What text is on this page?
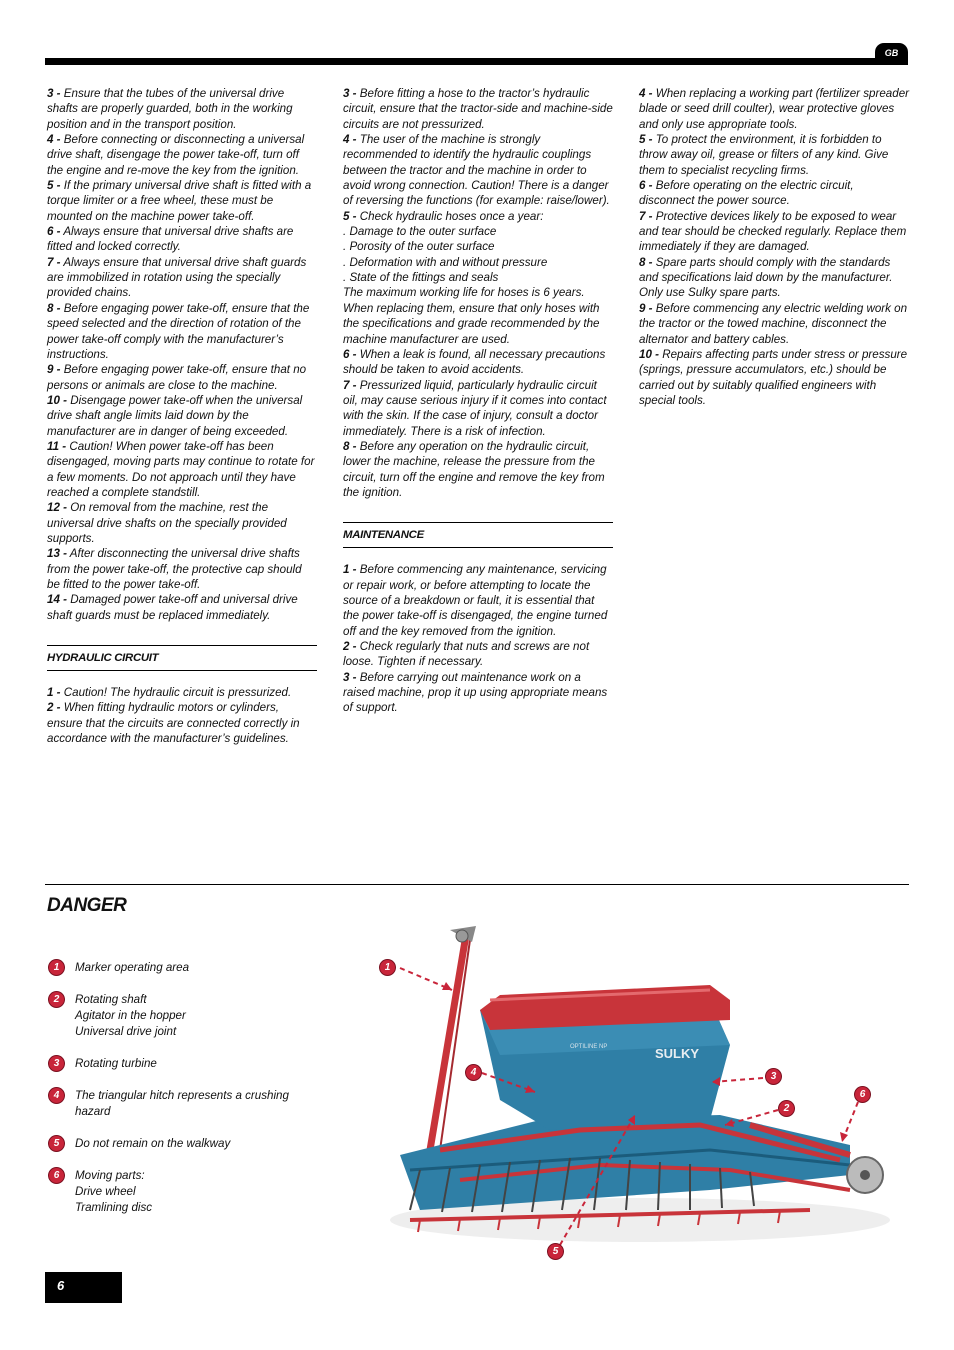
GB

3 - Ensure that the tubes of the universal drive shafts are properly guarded, both in the working position and in the transport position.

4 - Before connecting or disconnecting a universal drive shaft, disengage the power take-off, turn off the engine and re-move the key from the ignition.

5 - If the primary universal drive shaft is fitted with a torque limiter or a free wheel, these must be mounted on the machine power take-off.

6 - Always ensure that universal drive shafts are fitted and locked correctly.

7 - Always ensure that universal drive shaft guards are immobilized in rotation using the specially provided chains.

8 - Before engaging power take-off, ensure that the speed selected and the direction of rotation of the power take-off comply with the manufacturer’s instructions.

9 - Before engaging power take-off, ensure that no persons or animals are close to the machine.

10 - Disengage power take-off when the universal drive shaft angle limits laid down by the manufacturer are in danger of being exceeded.

11 - Caution! When power take-off has been disengaged, moving parts may continue to rotate for a few moments. Do not approach until they have reached a complete standstill.

12 - On removal from the machine, rest the universal drive shafts on the specially provided supports.

13 - After disconnecting the universal drive shafts from the power take-off, the protective cap should be fitted to the power take-off.

14 - Damaged power take-off and universal drive shaft guards must be replaced immediately.

HYDRAULIC CIRCUIT

1 - Caution! The hydraulic circuit is pressurized.

2 - When fitting hydraulic motors or cylinders, ensure that the circuits are connected correctly in accordance with the manufacturer’s guidelines.

3 - Before fitting a hose to the tractor’s hydraulic circuit, ensure that the tractor-side and machine-side circuits are not pressurized.

4 - The user of the machine is strongly recommended to identify the hydraulic couplings between the tractor and the machine in order to avoid wrong connection. Caution! There is a danger of reversing the functions (for example: raise/lower).

5 - Check hydraulic hoses once a year:

. Damage to the outer surface

. Porosity of the outer surface

. Deformation with and without pressure

. State of the fittings and seals

The maximum working life for hoses is 6 years. When replacing them, ensure that only hoses with the specifications and grade recommended by the machine manufacturer are used.

6 - When a leak is found, all necessary precautions should be taken to avoid accidents.

7 - Pressurized liquid, particularly hydraulic circuit oil, may cause serious injury if it comes into contact with the skin. If the case of injury, consult a doctor immediately. There is a risk of infection.

8 - Before any operation on the hydraulic circuit, lower the machine, release the pressure from the circuit, turn off the engine and remove the key from the ignition.

MAINTENANCE

1 - Before commencing any maintenance, servicing or repair work, or before attempting to locate the source of a breakdown or fault, it is essential that the power take-off is disengaged, the engine turned off and the key removed from the ignition.

2 - Check regularly that nuts and screws are not loose. Tighten if necessary.

3 - Before carrying out maintenance work on a raised machine, prop it up using appropriate means of support.

4 - When replacing a working part (fertilizer spreader blade or seed drill coulter), wear protective gloves and only use appropriate tools.

5 - To protect the environment, it is forbidden to throw away oil, grease or filters of any kind. Give them to specialist recycling firms.

6 - Before operating on the electric circuit, disconnect the power source.

7 - Protective devices likely to be exposed to wear and tear should be checked regularly. Replace them immediately if they are damaged.

8 - Spare parts should comply with the standards and specifications laid down by the manufacturer. Only use Sulky spare parts.

9 - Before commencing any electric welding work on the tractor or the towed machine, disconnect the alternator and battery cables.

10 - Repairs affecting parts under stress or pressure (springs, pressure accumulators, etc.) should be carried out by suitably qualified engineers with special tools.

DANGER
1	Marker operating area
2	Rotating shaft
Agitator in the hopper
Universal drive joint
3	Rotating turbine
4	The triangular hitch represents a crushing
hazard
5	Do not remain on the walkway
6	Moving parts:
Drive wheel
Tramlining disc
SULKY
OPTILINE NP
1
4	3
2
6
5
6
